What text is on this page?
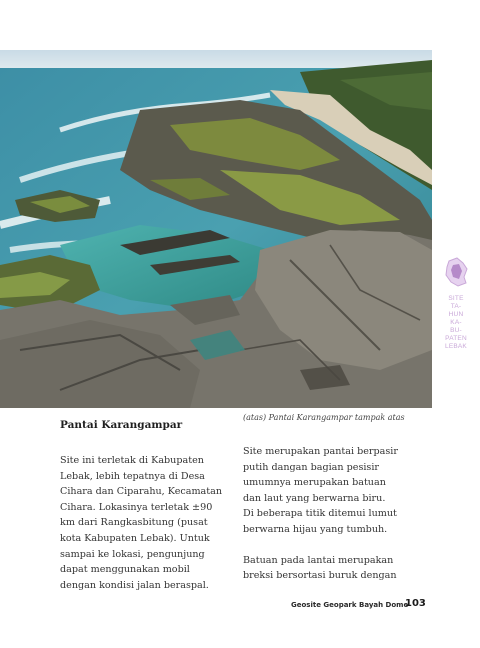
SITE
TA-
HUN
KA-
BU-
PATEN
LEBAK
(atas) Pantai Karangampar tampak atas
Pantai Karangampar

Site ini terletak di Kabupaten
Lebak, lebih tepatnya di Desa
Cihara dan Ciparahu, Kecamatan
Cihara. Lokasinya terletak ±90
km dari Rangkasbitung (pusat
kota Kabupaten Lebak). Untuk
sampai ke lokasi, pengunjung
dapat menggunakan mobil
dengan kondisi jalan beraspal.

Site merupakan pantai berpasir
putih dangan bagian pesisir
umumnya merupakan batuan
dan laut yang berwarna biru.
Di beberapa titik ditemui lumut
berwarna hijau yang tumbuh.

Batuan pada lantai merupakan
breksi bersortasi buruk dengan

Geosite Geopark Bayah Dome
103
